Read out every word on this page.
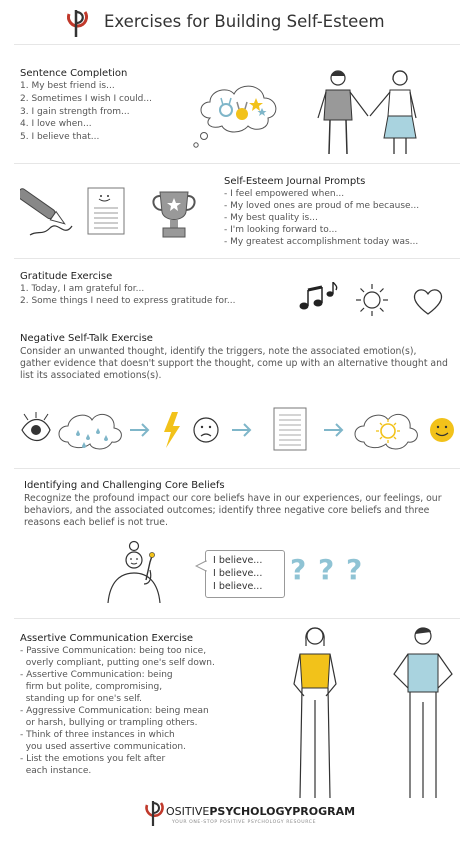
Exercises for Building Self-Esteem
Sentence Completion
1. My best friend is...
2. Sometimes I wish I could...
3. I gain strength from...
4. I love when...
5. I believe that...
Self-Esteem Journal Prompts
- I feel empowered when...
- My loved ones are proud of me because...
- My best quality is...
- I'm looking forward to...
- My greatest accomplishment today was...
Gratitude Exercise
1. Today, I am grateful for...
2. Some things I need to express gratitude for...
Negative Self-Talk Exercise
Consider an unwanted thought, identify the triggers, note the associated emotion(s), gather evidence that doesn't support the thought, come up with an alternative thought and list its associated emotions(s).
Identifying and Challenging Core Beliefs
Recognize the profound impact our core beliefs have in our experiences, our feelings, our behaviors, and the associated outcomes; identify three negative core beliefs and three reasons each belief is not true.
I believe...
I believe...
I believe...
? ? ?
Assertive Communication Exercise
- Passive Communication: being too nice,
overly compliant, putting one's self down.
- Assertive Communication: being
firm but polite, compromising,
standing up for one's self.
- Aggressive Communication: being mean
or harsh, bullying or trampling others.
- Think of three instances in which
you used assertive communication.
- List the emotions you felt after
each instance.
OSITIVEPSYCHOLOGYPROGRAM
YOUR ONE-STOP POSITIVE PSYCHOLOGY RESOURCE
